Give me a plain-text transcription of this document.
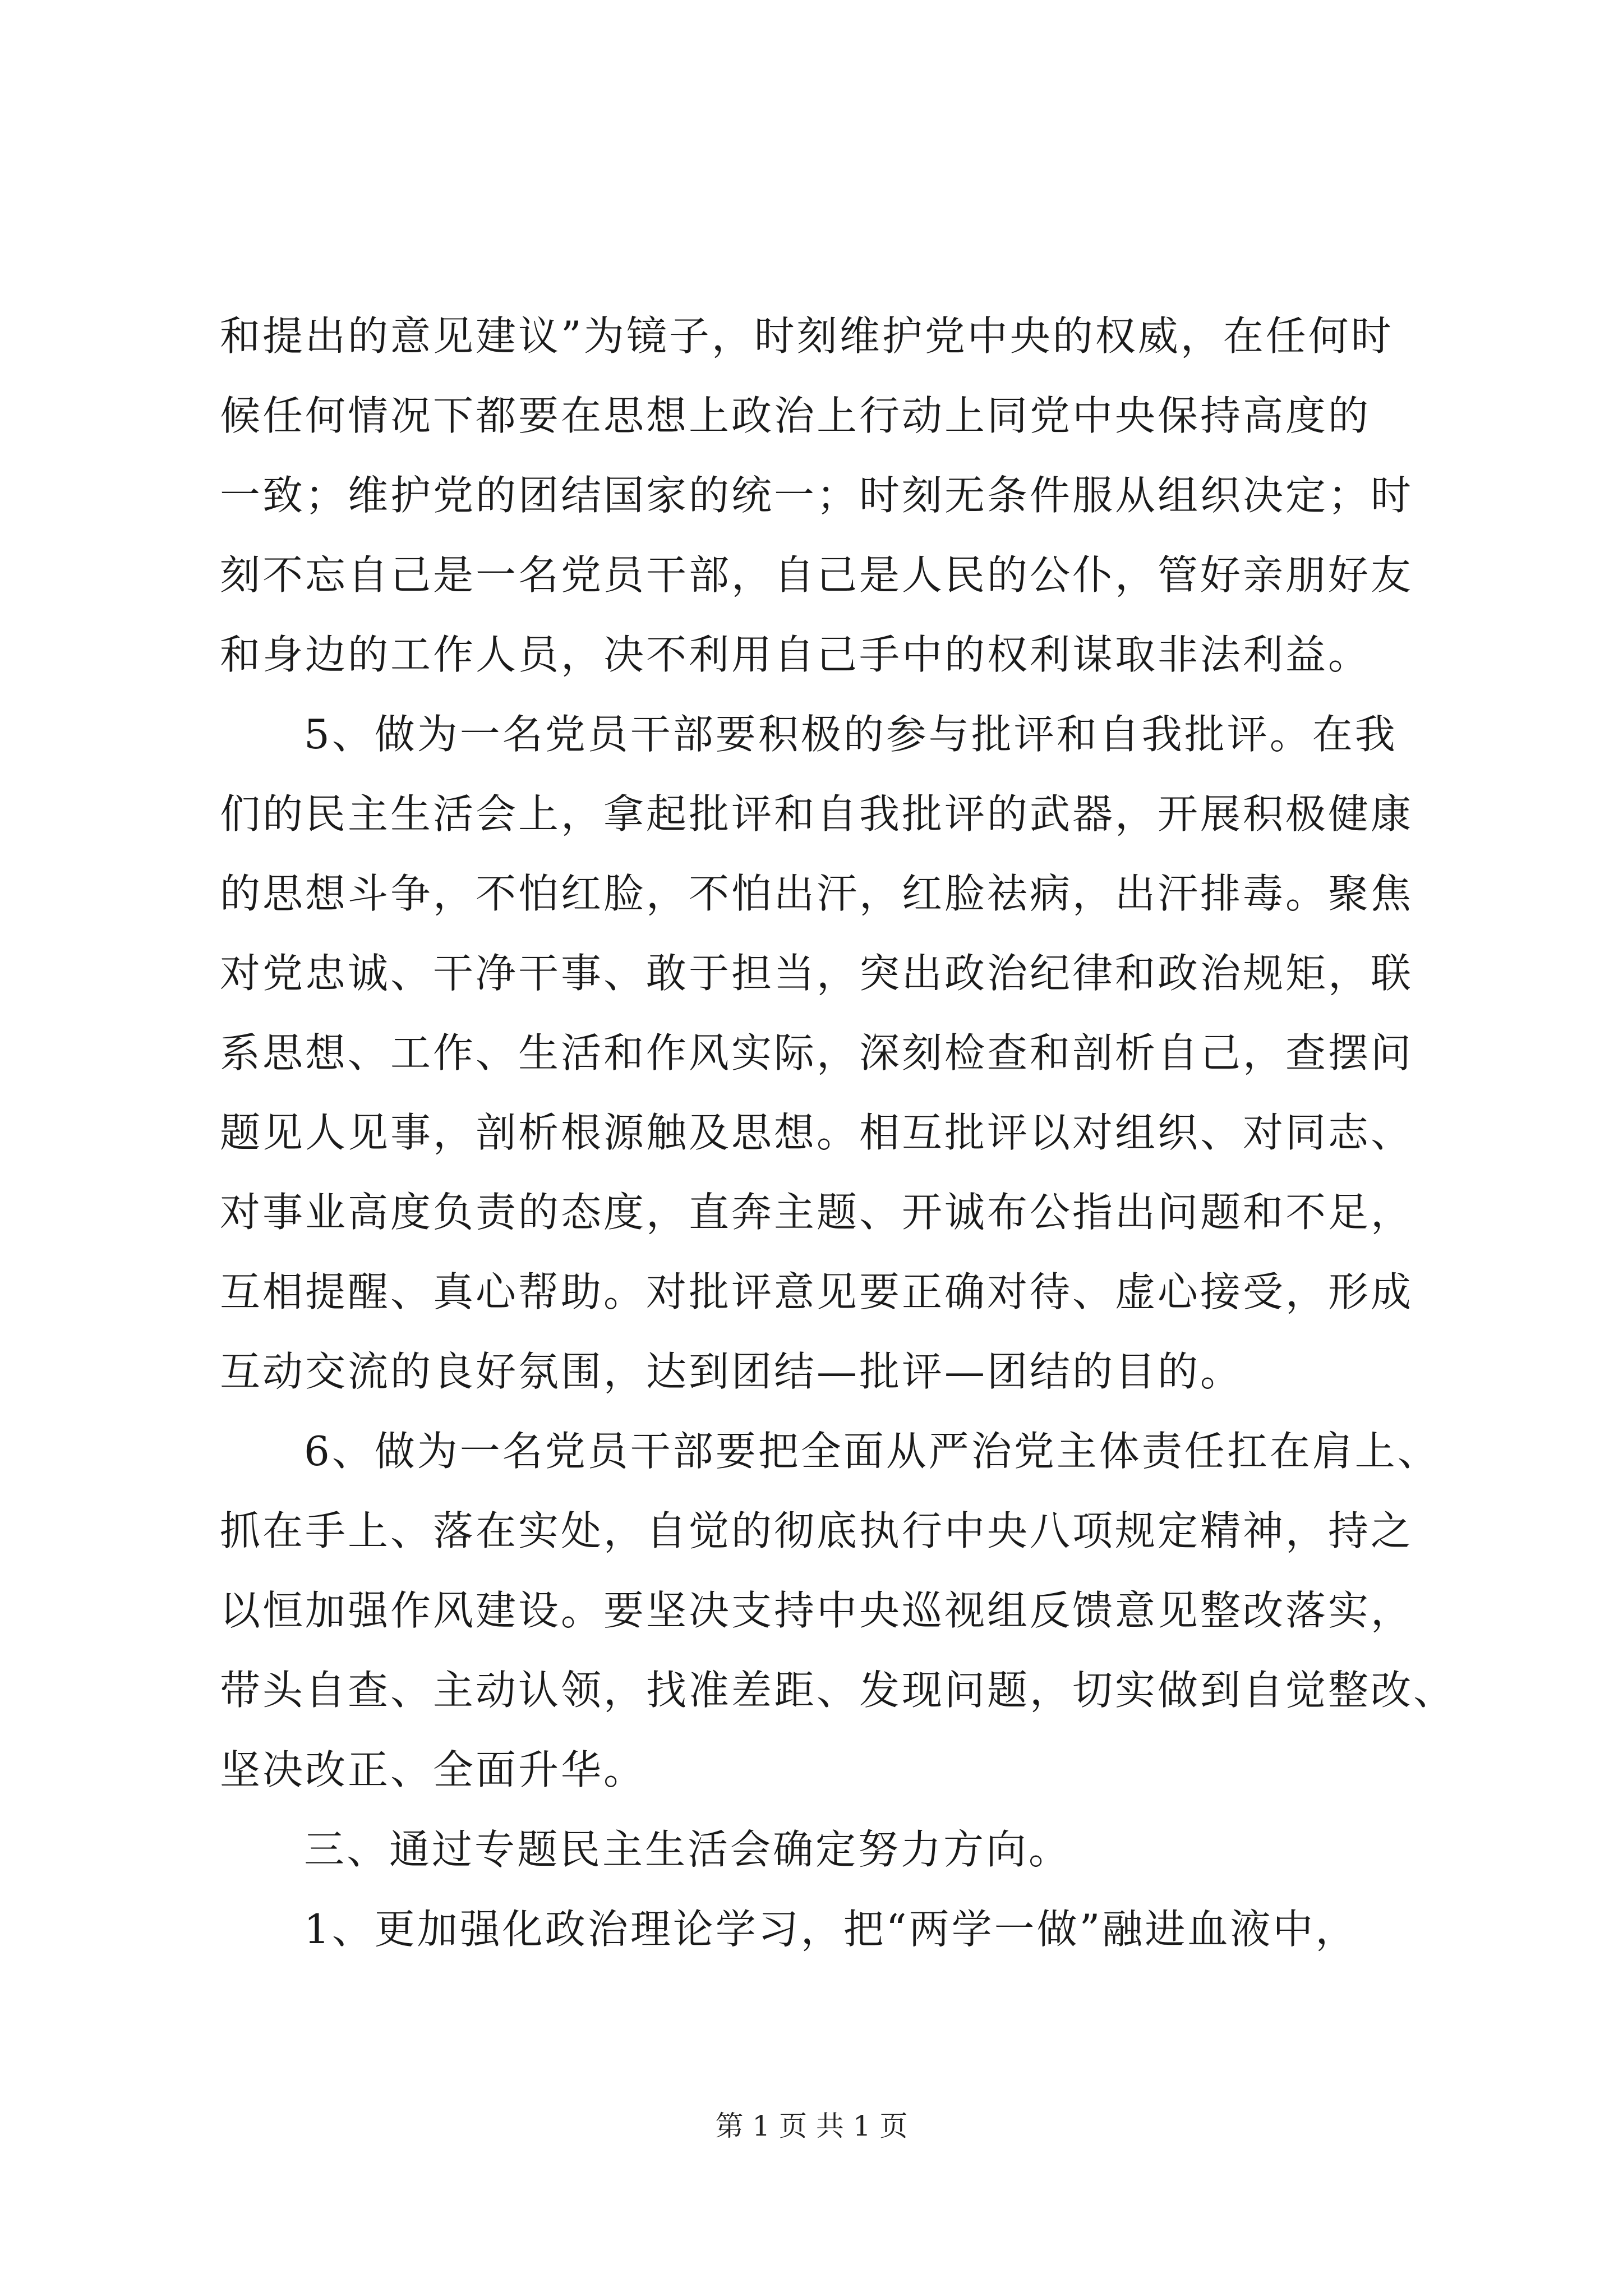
和提出的意见建议”为镜子，时刻维护党中央的权威，在任何时
候任何情况下都要在思想上政治上行动上同党中央保持高度的
一致；维护党的团结国家的统一；时刻无条件服从组织决定；时
刻不忘自己是一名党员干部，自己是人民的公仆，管好亲朋好友
和身边的工作人员，决不利用自己手中的权利谋取非法利益。
5、做为一名党员干部要积极的参与批评和自我批评。在我
们的民主生活会上，拿起批评和自我批评的武器，开展积极健康
的思想斗争，不怕红脸，不怕出汗，红脸祛病，出汗排毒。聚焦
对党忠诚、干净干事、敢于担当，突出政治纪律和政治规矩，联
系思想、工作、生活和作风实际，深刻检查和剖析自己，查摆问
题见人见事，剖析根源触及思想。相互批评以对组织、对同志、
对事业高度负责的态度，直奔主题、开诚布公指出问题和不足，
互相提醒、真心帮助。对批评意见要正确对待、虚心接受，形成
互动交流的良好氛围，达到团结—批评—团结的目的。
6、做为一名党员干部要把全面从严治党主体责任扛在肩上、
抓在手上、落在实处，自觉的彻底执行中央八项规定精神，持之
以恒加强作风建设。要坚决支持中央巡视组反馈意见整改落实，
带头自查、主动认领，找准差距、发现问题，切实做到自觉整改、
坚决改正、全面升华。
三、通过专题民主生活会确定努力方向。
1、更加强化政治理论学习，把“两学一做”融进血液中，
第 1 页 共 1 页
